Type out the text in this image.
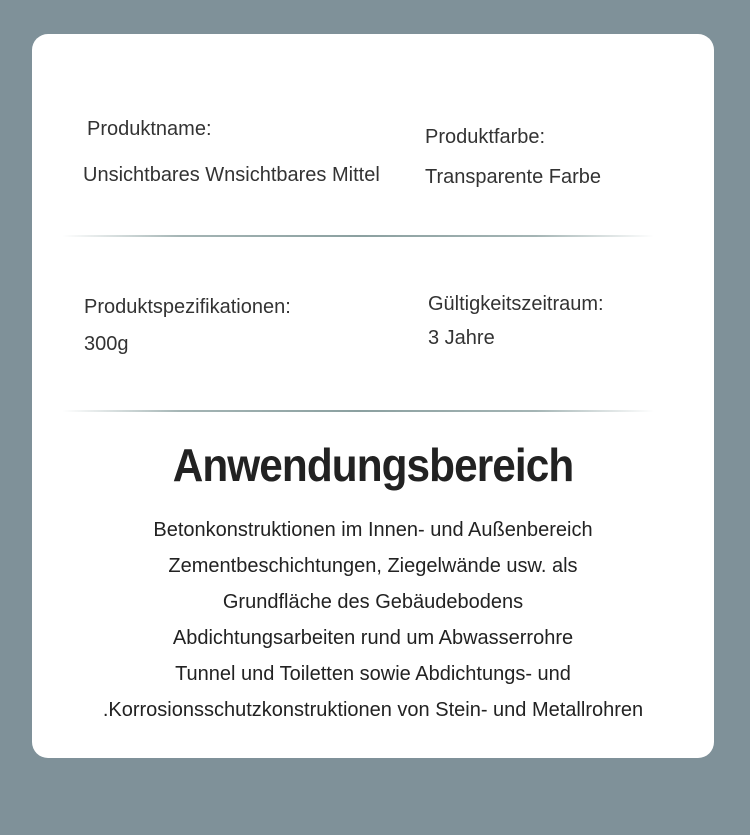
Produktname:
Unsichtbares Wnsichtbares Mittel
Produktfarbe:
Transparente Farbe
Produktspezifikationen:
300g
Gültigkeitszeitraum:
3 Jahre
Anwendungsbereich
Betonkonstruktionen im Innen- und Außenbereich
Zementbeschichtungen, Ziegelwände usw. als
Grundfläche des Gebäudebodens
Abdichtungsarbeiten rund um Abwasserrohre
Tunnel und Toiletten sowie Abdichtungs- und
.Korrosionsschutzkonstruktionen von Stein- und Metallrohren
